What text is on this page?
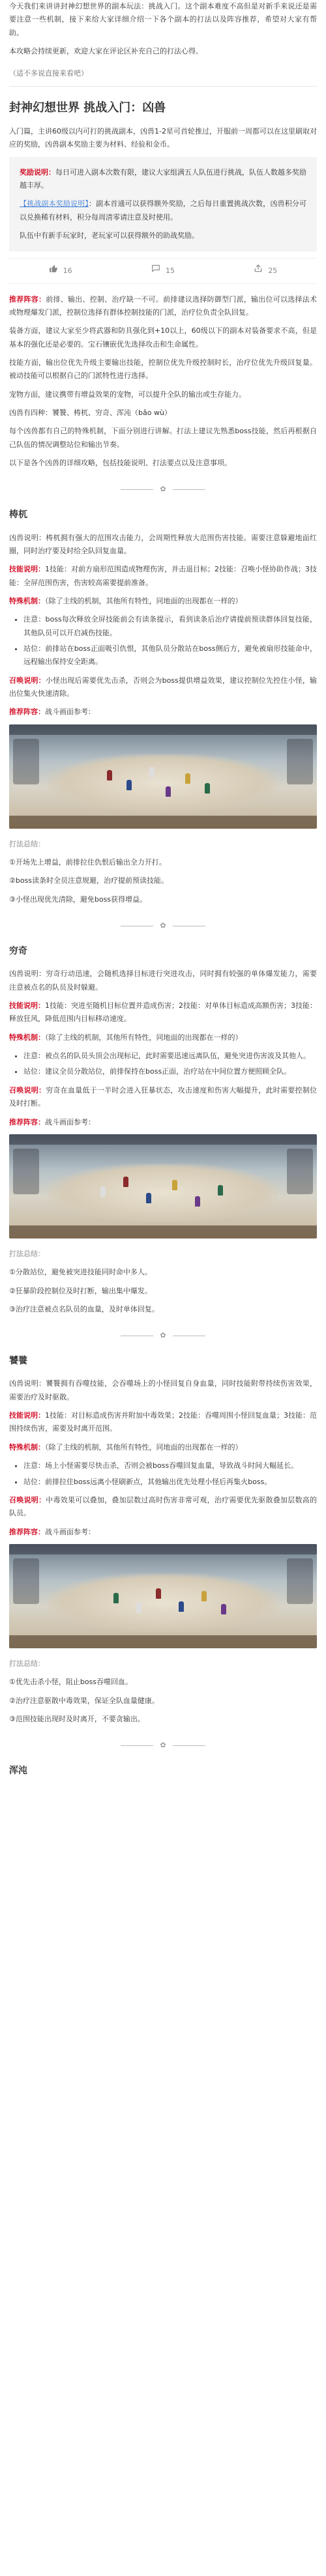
今天我们来讲讲封神幻想世界的副本玩法：挑战入门。这个副本难度不高但是对新手来说还是需要注意一些机制，接下来给大家详细介绍一下各个副本的打法以及阵容推荐，希望对大家有帮助。

本攻略会持续更新，欢迎大家在评论区补充自己的打法心得。

（适不多说直接来看吧）

封神幻想世界 挑战入门：凶兽

入门篇，主讲60级以内可打的挑战副本，凶兽1-2星可首轮推过，开服前一周都可以在这里刷取对应的奖励，凶兽副本奖励主要为材料、经验和金币。

奖励说明：每日可进入副本次数有限，建议大家组满五人队伍进行挑战，队伍人数越多奖励越丰厚。

【挑战副本奖励说明】：副本首通可以获得额外奖励，之后每日重置挑战次数，凶兽积分可以兑换稀有材料，积分每周清零请注意及时使用。

队伍中有新手玩家时，老玩家可以获得额外的助战奖励。

16	15	25

推荐阵容：前排、输出、控制、治疗缺一不可。前排建议选择防御型门派，输出位可以选择法术或物理爆发门派，控制位选择有群体控制技能的门派，治疗位负责全队回复。

装备方面，建议大家至少将武器和防具强化到+10以上，60级以下的副本对装备要求不高，但是基本的强化还是必要的。宝石镶嵌优先选择攻击和生命属性。

技能方面，输出位优先升级主要输出技能，控制位优先升级控制时长，治疗位优先升级回复量。被动技能可以根据自己的门派特性进行选择。

宠物方面，建议携带有增益效果的宠物，可以提升全队的输出或生存能力。

凶兽有四种：饕餮、梼杌、穷奇、浑沌（bǎo wù）

每个凶兽都有自己的特殊机制，下面分别进行讲解。打法上建议先熟悉boss技能，然后再根据自己队伍的情况调整站位和输出节奏。

以下是各个凶兽的详细攻略，包括技能说明、打法要点以及注意事项。

✿
梼杌

凶兽说明：梼杌拥有强大的范围攻击能力，会周期性释放大范围伤害技能。需要注意躲避地面红圈，同时治疗要及时给全队回复血量。

技能说明：1技能：对前方扇形范围造成物理伤害，并击退目标；2技能：召唤小怪协助作战；3技能：全屏范围伤害，伤害较高需要提前准备。

特殊机制：（除了主线的机制，其他所有特性，同地面的出现都在一样的）

• 注意：boss每次释放全屏技能前会有读条提示，看到读条后治疗请提前预读群体回复技能，其他队员可以开启减伤技能。
• 站位：前排站在boss正面吸引仇恨，其他队员分散站在boss侧后方，避免被扇形技能命中，远程输出保持安全距离。

召唤说明：小怪出现后需要优先击杀，否则会为boss提供增益效果，建议控制位先控住小怪，输出位集火快速清除。

推荐阵容：战斗画面参考：

打法总结：

①开场先上增益，前排拉住仇恨后输出全力开打。

②boss读条时全员注意规避，治疗提前预读技能。

③小怪出现优先清除，避免boss获得增益。

✿
穷奇

凶兽说明：穷奇行动迅速，会随机选择目标进行突进攻击，同时拥有较强的单体爆发能力，需要注意被点名的队员及时躲避。

技能说明：1技能：突进至随机目标位置并造成伤害；2技能：对单体目标造成高额伤害；3技能：释放狂风，降低范围内目标移动速度。

特殊机制：（除了主线的机制，其他所有特性，同地面的出现都在一样的）

• 注意：被点名的队员头顶会出现标记，此时需要迅速远离队伍，避免突进伤害波及其他人。
• 站位：建议全员分散站位，前排保持在boss正面，治疗站在中间位置方便照顾全队。

召唤说明：穷奇在血量低于一半时会进入狂暴状态，攻击速度和伤害大幅提升，此时需要控制位及时打断。

推荐阵容：战斗画面参考：

打法总结：

①分散站位，避免被突进技能同时命中多人。

②狂暴阶段控制位及时打断，输出集中爆发。

③治疗注意被点名队员的血量，及时单体回复。

✿
饕餮

凶兽说明：饕餮拥有吞噬技能，会吞噬场上的小怪回复自身血量，同时技能附带持续伤害效果，需要治疗及时驱散。

技能说明：1技能：对目标造成伤害并附加中毒效果；2技能：吞噬周围小怪回复血量；3技能：范围持续伤害，需要及时离开范围。

特殊机制：（除了主线的机制，其他所有特性，同地面的出现都在一样的）

• 注意：场上小怪需要尽快击杀，否则会被boss吞噬回复血量，导致战斗时间大幅延长。
• 站位：前排拉住boss远离小怪刷新点，其他输出优先处理小怪后再集火boss。

召唤说明：中毒效果可以叠加，叠加层数过高时伤害非常可观，治疗需要优先驱散叠加层数高的队员。

推荐阵容：战斗画面参考：

打法总结：

①优先击杀小怪，阻止boss吞噬回血。

②治疗注意驱散中毒效果，保证全队血量健康。

③范围技能出现时及时离开，不要贪输出。

✿
浑沌
